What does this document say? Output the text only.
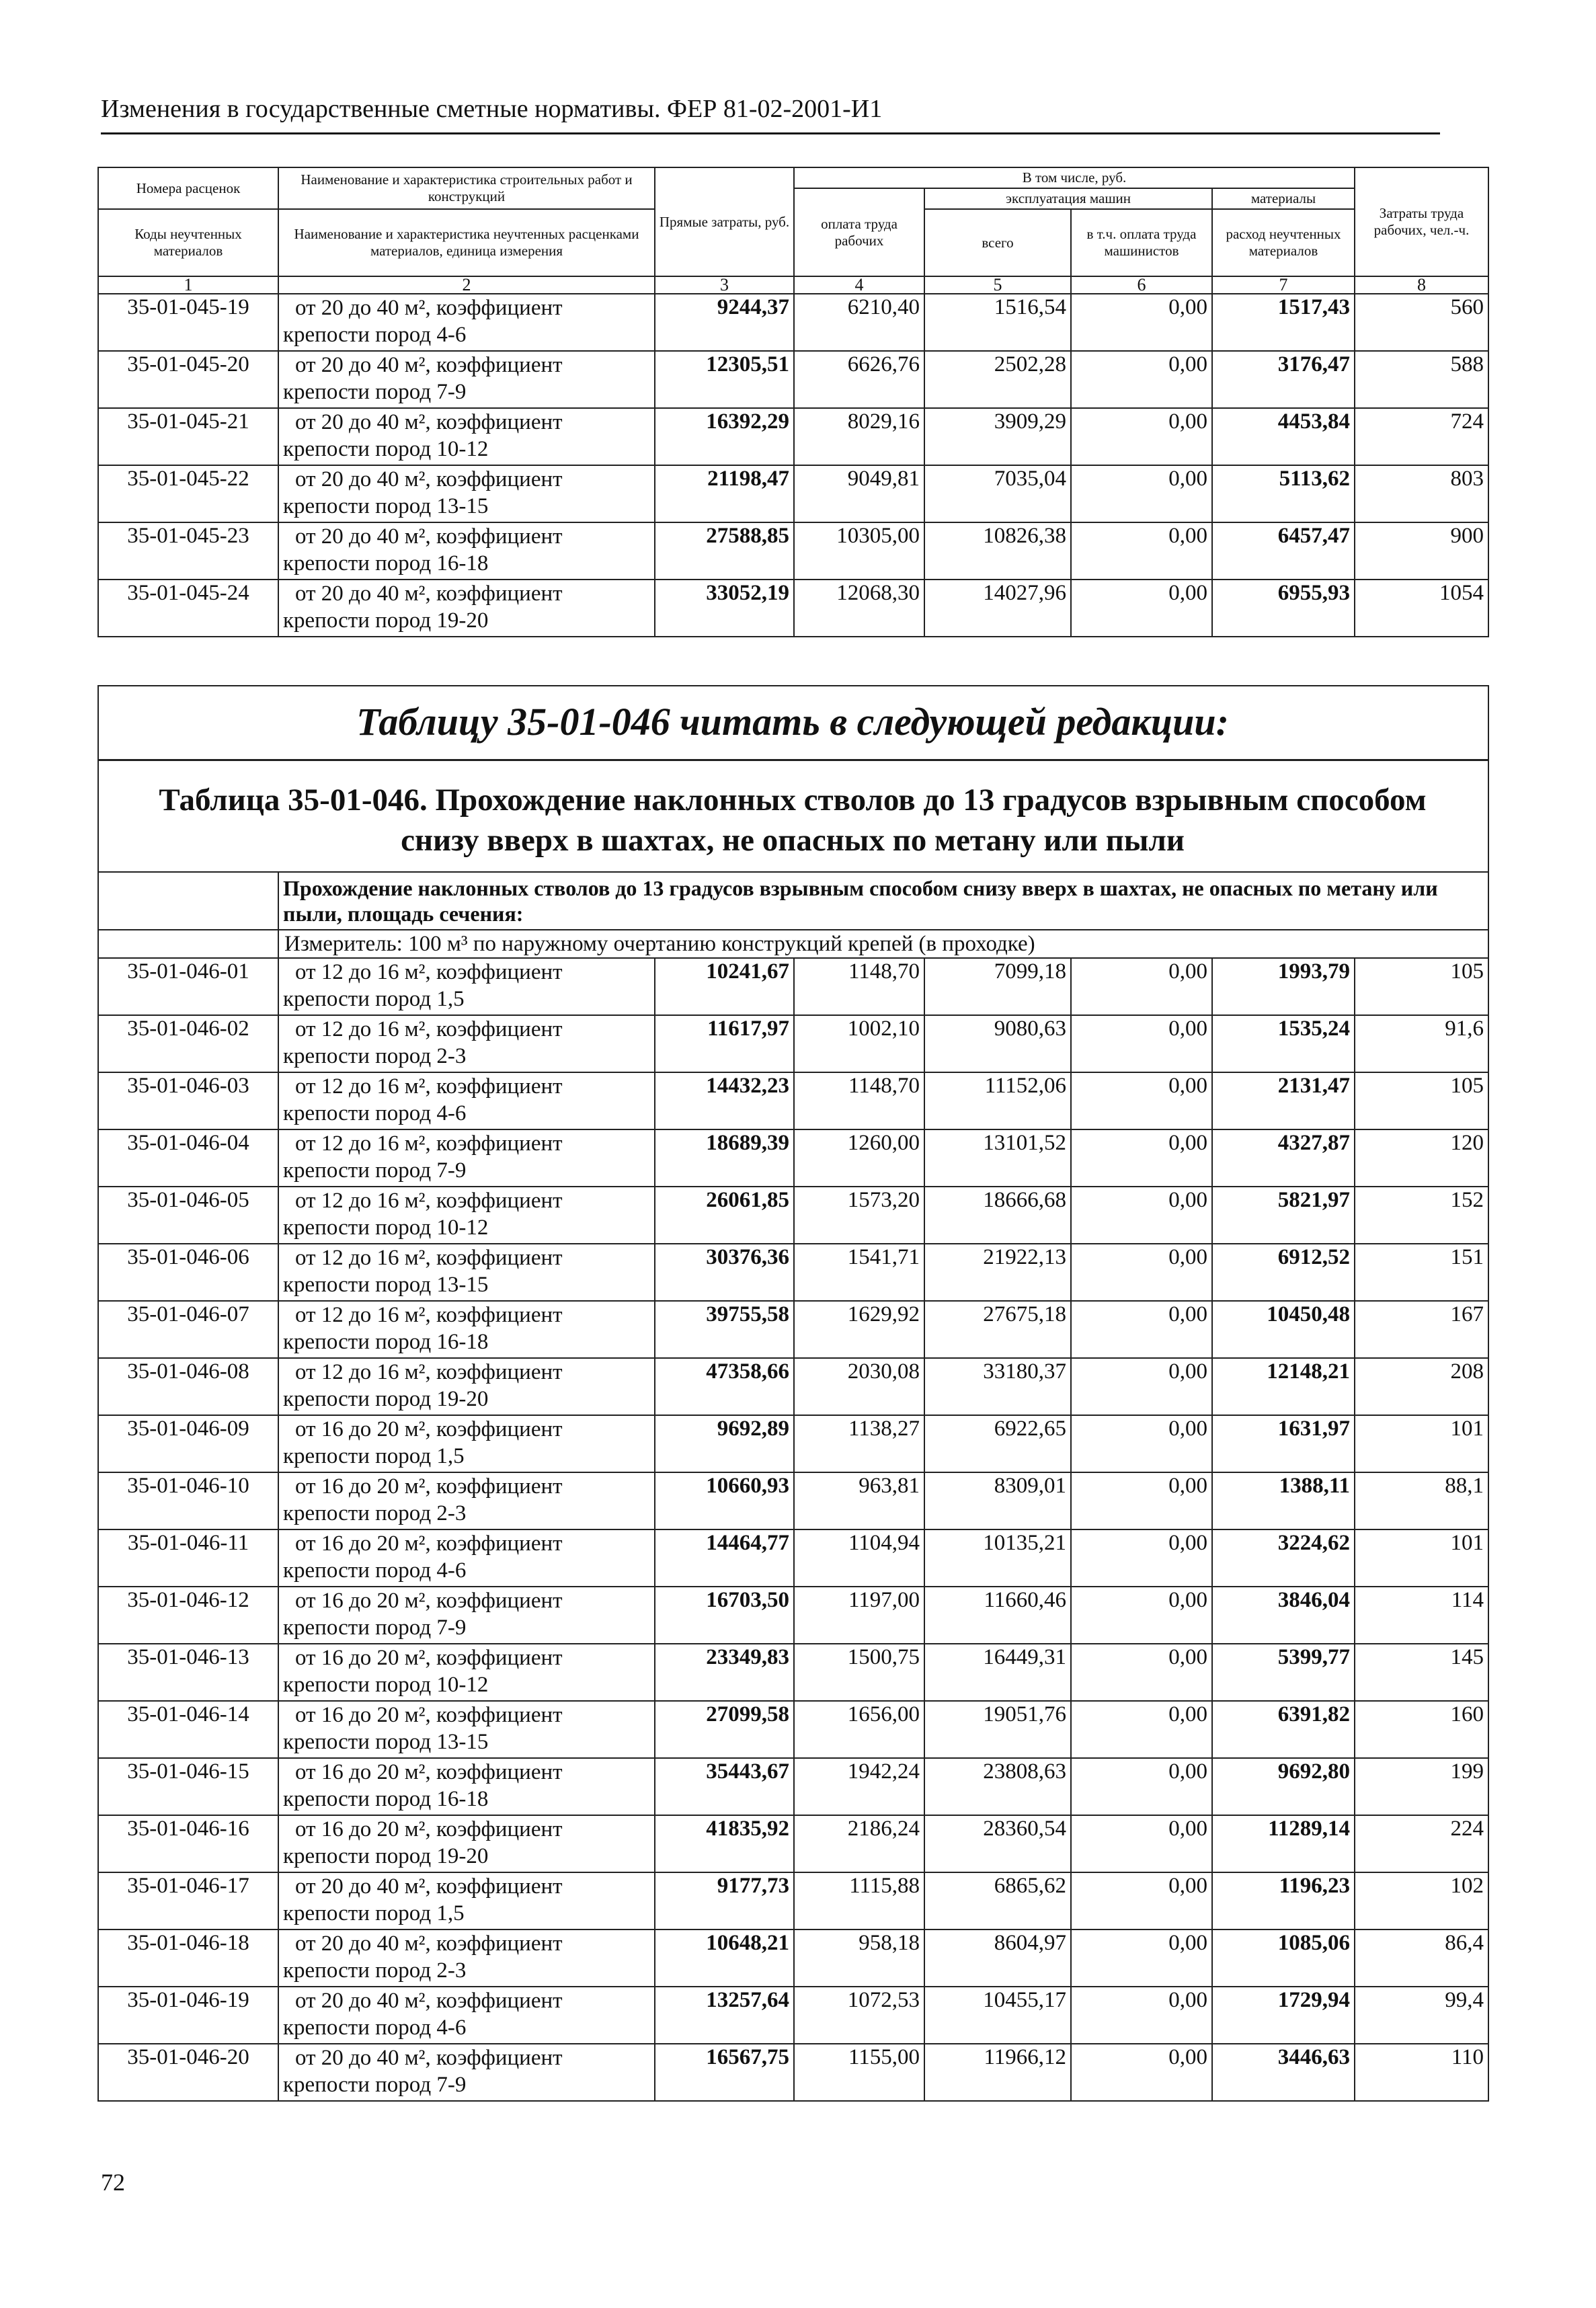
Изменения в государственные сметные нормативы. ФЕР 81-02-2001-И1
Номера расценок	Наименование и характеристика строительных работ и конструкций	Прямые затраты, руб.	В том числе, руб.				Затраты труда рабочих, чел.-ч.
			оплата труда рабочих	эксплуатация машин		материалы	
Коды неучтенных материалов	Наименование и характеристика неучтенных расценками материалов, единица измерения			всего	в т.ч. оплата труда машинистов	расход неучтенных материалов	

1	2	3	4	5	6	7	8
35-01-045-19	от 20 до 40 м², коэффициент
крепости пород 4-6	9244,37	6210,40	1516,54	0,00	1517,43	560
35-01-045-20	от 20 до 40 м², коэффициент
крепости пород 7-9	12305,51	6626,76	2502,28	0,00	3176,47	588
35-01-045-21	от 20 до 40 м², коэффициент
крепости пород 10-12	16392,29	8029,16	3909,29	0,00	4453,84	724
35-01-045-22	от 20 до 40 м², коэффициент
крепости пород 13-15	21198,47	9049,81	7035,04	0,00	5113,62	803
35-01-045-23	от 20 до 40 м², коэффициент
крепости пород 16-18	27588,85	10305,00	10826,38	0,00	6457,47	900
35-01-045-24	от 20 до 40 м², коэффициент
крепости пород 19-20	33052,19	12068,30	14027,96	0,00	6955,93	1054
Таблицу 35-01-046 читать в следующей редакции:
Таблица 35-01-046. Прохождение наклонных стволов до 13 градусов взрывным способом
снизу вверх в шахтах, не опасных по метану или пыли
	Прохождение наклонных стволов до 13 градусов взрывным способом снизу вверх в шахтах, не опасных по метану или пыли, площадь сечения:						
	Измеритель: 100 м³ по наружному очертанию конструкций крепей (в проходке)						
35-01-046-01	от 12 до 16 м², коэффициент
крепости пород 1,5	10241,67	1148,70	7099,18	0,00	1993,79	105
35-01-046-02	от 12 до 16 м², коэффициент
крепости пород 2-3	11617,97	1002,10	9080,63	0,00	1535,24	91,6
35-01-046-03	от 12 до 16 м², коэффициент
крепости пород 4-6	14432,23	1148,70	11152,06	0,00	2131,47	105
35-01-046-04	от 12 до 16 м², коэффициент
крепости пород 7-9	18689,39	1260,00	13101,52	0,00	4327,87	120
35-01-046-05	от 12 до 16 м², коэффициент
крепости пород 10-12	26061,85	1573,20	18666,68	0,00	5821,97	152
35-01-046-06	от 12 до 16 м², коэффициент
крепости пород 13-15	30376,36	1541,71	21922,13	0,00	6912,52	151
35-01-046-07	от 12 до 16 м², коэффициент
крепости пород 16-18	39755,58	1629,92	27675,18	0,00	10450,48	167
35-01-046-08	от 12 до 16 м², коэффициент
крепости пород 19-20	47358,66	2030,08	33180,37	0,00	12148,21	208
35-01-046-09	от 16 до 20 м², коэффициент
крепости пород 1,5	9692,89	1138,27	6922,65	0,00	1631,97	101
35-01-046-10	от 16 до 20 м², коэффициент
крепости пород 2-3	10660,93	963,81	8309,01	0,00	1388,11	88,1
35-01-046-11	от 16 до 20 м², коэффициент
крепости пород 4-6	14464,77	1104,94	10135,21	0,00	3224,62	101
35-01-046-12	от 16 до 20 м², коэффициент
крепости пород 7-9	16703,50	1197,00	11660,46	0,00	3846,04	114
35-01-046-13	от 16 до 20 м², коэффициент
крепости пород 10-12	23349,83	1500,75	16449,31	0,00	5399,77	145
35-01-046-14	от 16 до 20 м², коэффициент
крепости пород 13-15	27099,58	1656,00	19051,76	0,00	6391,82	160
35-01-046-15	от 16 до 20 м², коэффициент
крепости пород 16-18	35443,67	1942,24	23808,63	0,00	9692,80	199
35-01-046-16	от 16 до 20 м², коэффициент
крепости пород 19-20	41835,92	2186,24	28360,54	0,00	11289,14	224
35-01-046-17	от 20 до 40 м², коэффициент
крепости пород 1,5	9177,73	1115,88	6865,62	0,00	1196,23	102
35-01-046-18	от 20 до 40 м², коэффициент
крепости пород 2-3	10648,21	958,18	8604,97	0,00	1085,06	86,4
35-01-046-19	от 20 до 40 м², коэффициент
крепости пород 4-6	13257,64	1072,53	10455,17	0,00	1729,94	99,4
35-01-046-20	от 20 до 40 м², коэффициент
крепости пород 7-9	16567,75	1155,00	11966,12	0,00	3446,63	110
72
